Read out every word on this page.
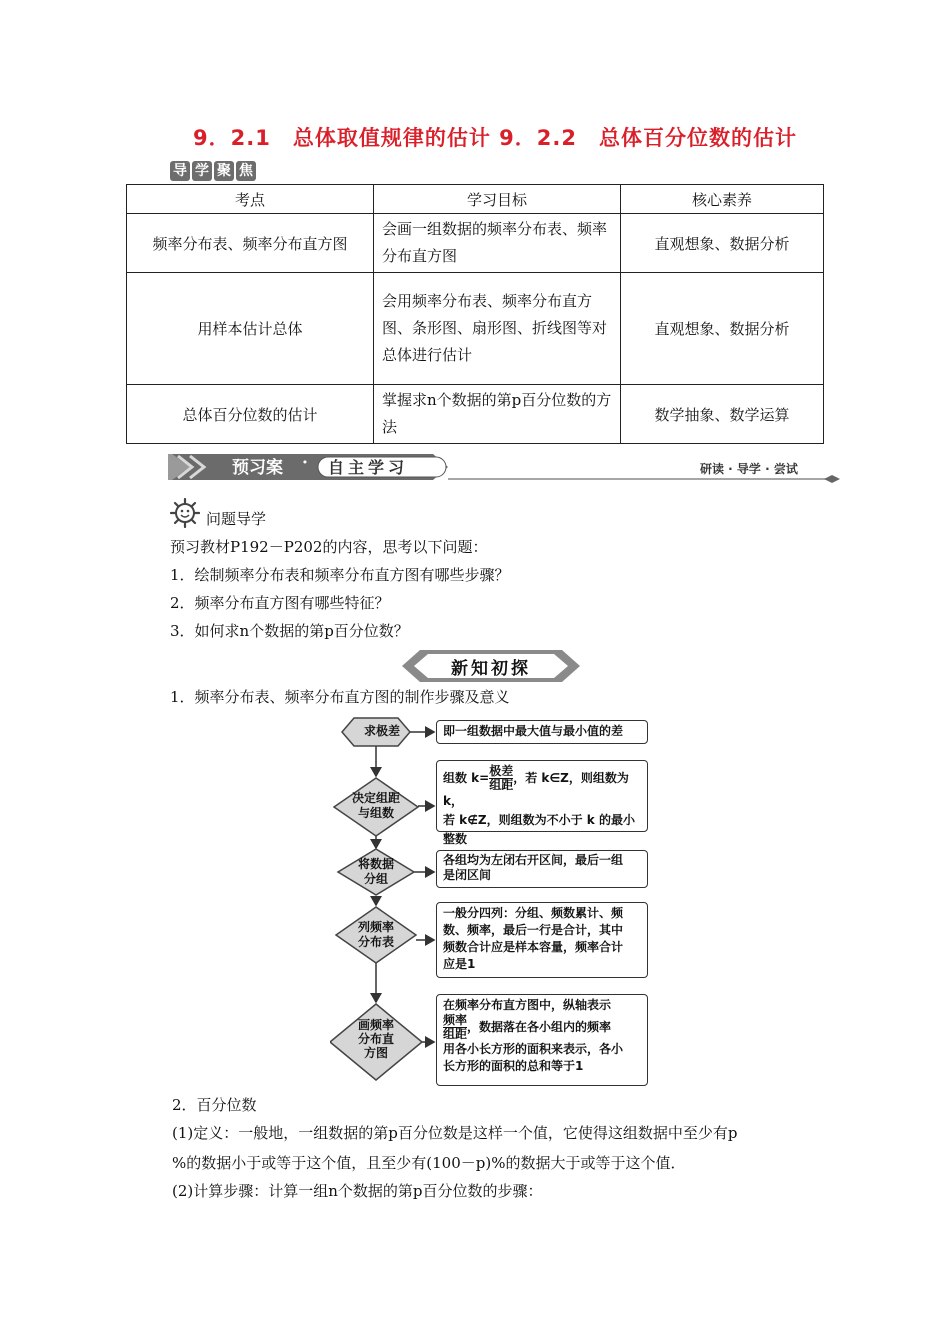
9．2.1　总体取值规律的估计 9．2.2　总体百分位数的估计
导 学 聚 焦
考点	学习目标	核心素养
频率分布表、频率分布直方图	会画一组数据的频率分布表、频率分布直方图	直观想象、数据分析
用样本估计总体	会用频率分布表、频率分布直方图、条形图、扇形图、折线图等对总体进行估计	直观想象、数据分析
总体百分位数的估计	掌握求n个数据的第p百分位数的方法	数学抽象、数学运算
预习案 · 自主学习	研读 · 导学 · 尝试
问题导学
预习教材P192－P202的内容，思考以下问题：
1．绘制频率分布表和频率分布直方图有哪些步骤？
2．频率分布直方图有哪些特征？
3．如何求n个数据的第p百分位数？
新知初探
1．频率分布表、频率分布直方图的制作步骤及意义
求极差
决定组距
与组数
将数据
分组
列频率
分布表
画频率
分布直
方图
即一组数据中最大值与最小值的差
组数 $k= \frac{\text{极差}}{\text{组距}}$ ，若 k∈Z，则组数为 k，
若 k∉Z，则组数为不小于 k 的最小
整数
各组均为左闭右开区间，最后一组
是闭区间
一般分四列：分组、频数累计、频
数、频率，最后一行是合计，其中
频数合计应是样本容量，频率合计
应是1
在频率分布直方图中，纵轴表示
$\frac{\text{频率}}{\text{组距}}$ ，数据落在各小组内的频率
用各小长方形的面积来表示，各小
长方形的面积的总和等于1
2．百分位数
(1)定义：一般地，一组数据的第p百分位数是这样一个值，它使得这组数据中至少有p
%的数据小于或等于这个值，且至少有(100－p)%的数据大于或等于这个值．
(2)计算步骤：计算一组n个数据的第p百分位数的步骤：
